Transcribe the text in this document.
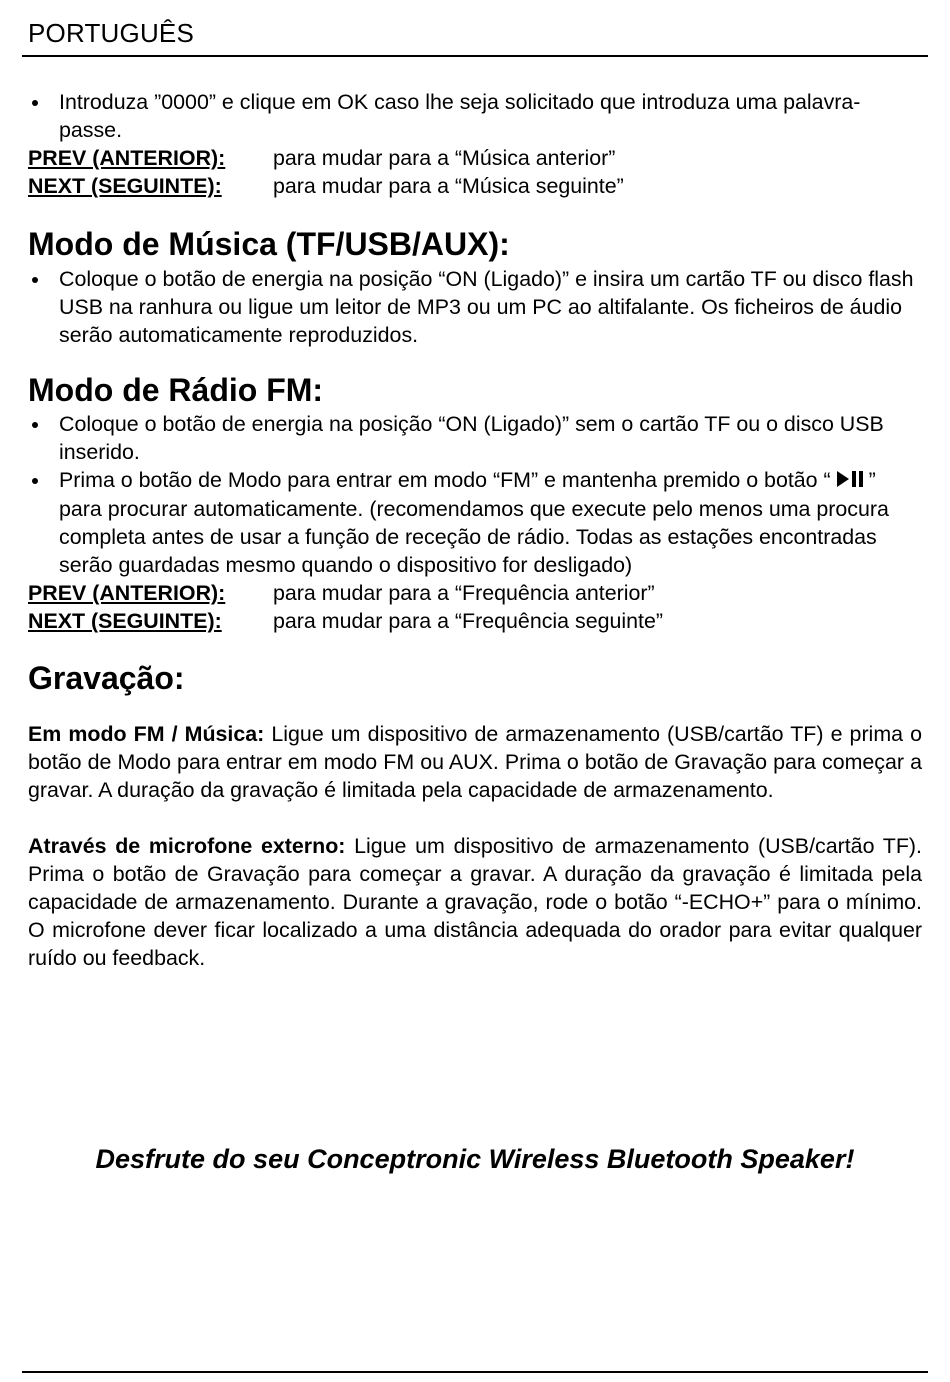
PORTUGUÊS
Introduza ”0000” e clique em OK caso lhe seja solicitado que introduza uma palavra-passe.
PREV (ANTERIOR):	para mudar para a “Música anterior”
NEXT (SEGUINTE):	para mudar para a “Música seguinte”
Modo de Música (TF/USB/AUX):
Coloque o botão de energia na posição “ON (Ligado)” e insira um cartão TF ou disco flash USB na ranhura ou ligue um leitor de MP3 ou um PC ao altifalante. Os ficheiros de áudio serão automaticamente reproduzidos.
Modo de Rádio FM:
Coloque o botão de energia na posição “ON (Ligado)” sem o cartão TF ou o disco USB inserido.
Prima o botão de Modo para entrar em modo “FM” e mantenha premido o botão “ ” para procurar automaticamente. (recomendamos que execute pelo menos uma procura completa antes de usar a função de receção de rádio. Todas as estações encontradas serão guardadas mesmo quando o dispositivo for desligado)
PREV (ANTERIOR):	para mudar para a “Frequência anterior”
NEXT (SEGUINTE):	para mudar para a “Frequência seguinte”
Gravação:

Em modo FM / Música: Ligue um dispositivo de armazenamento (USB/cartão TF) e prima o botão de Modo para entrar em modo FM ou AUX. Prima o botão de Gravação para começar a gravar. A duração da gravação é limitada pela capacidade de armazenamento.

Através de microfone externo: Ligue um dispositivo de armazenamento (USB/cartão TF). Prima o botão de Gravação para começar a gravar. A duração da gravação é limitada pela capacidade de armazenamento. Durante a gravação, rode o botão “-ECHO+” para o mínimo. O microfone dever ficar localizado a uma distância adequada do orador para evitar qualquer ruído ou feedback.

Desfrute do seu Conceptronic Wireless Bluetooth Speaker!
